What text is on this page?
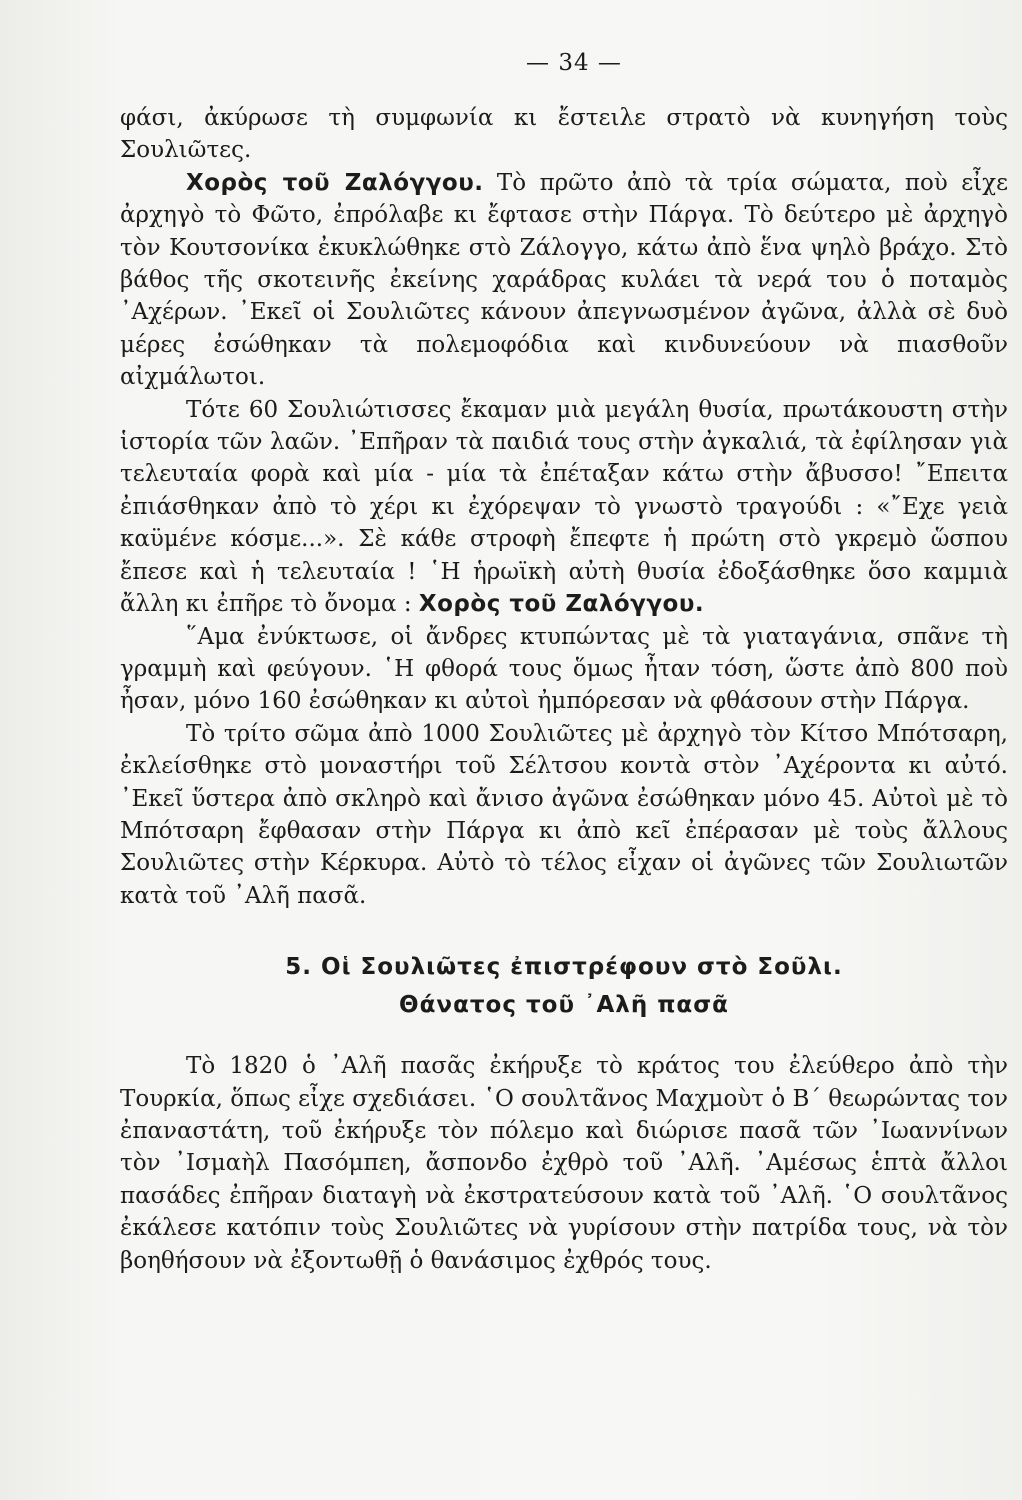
— 34 —

φάσι, ἀκύρωσε τὴ συμφωνία κι ἔστειλε στρατὸ νὰ κυνηγήση τοὺς Σουλιῶτες.

Χορὸς τοῦ Ζαλόγγου. Τὸ πρῶτο ἀπὸ τὰ τρία σώματα, ποὺ εἶχε ἀρχηγὸ τὸ Φῶτο, ἐπρόλαβε κι ἔφτασε στὴν Πάργα. Τὸ δεύτερο μὲ ἀρχηγὸ τὸν Κουτσονίκα ἐκυκλώθηκε στὸ Ζάλογγο, κάτω ἀπὸ ἕνα ψηλὸ βράχο. Στὸ βάθος τῆς σκοτεινῆς ἐκείνης χαράδρας κυλάει τὰ νερά του ὁ ποταμὸς ᾿Αχέρων. ᾿Εκεῖ οἱ Σουλιῶτες κάνουν ἀπεγνωσμένον ἀγῶνα, ἀλλὰ σὲ δυὸ μέρες ἐσώθηκαν τὰ πολεμοφόδια καὶ κινδυνεύουν νὰ πιασθοῦν αἰχμάλωτοι.

Τότε 60 Σουλιώτισσες ἔκαμαν μιὰ μεγάλη θυσία, πρωτάκουστη στὴν ἱστορία τῶν λαῶν. ᾿Επῆραν τὰ παιδιά τους στὴν ἀγκαλιά, τὰ ἐφίλησαν γιὰ τελευταία φορὰ καὶ μία - μία τὰ ἐπέταξαν κάτω στὴν ἄβυσσο! ῎Επειτα ἐπιάσθηκαν ἀπὸ τὸ χέρι κι ἐχόρεψαν τὸ γνωστὸ τραγούδι : «῎Εχε γειὰ καϋμένε κόσμε...». Σὲ κάθε στροφὴ ἔπεφτε ἡ πρώτη στὸ γκρεμὸ ὥσπου ἔπεσε καὶ ἡ τελευταία ! ῾Η ἡρωϊκὴ αὐτὴ θυσία ἐδοξάσθηκε ὅσο καμμιὰ ἄλλη κι ἐπῆρε τὸ ὄνομα : Χορὸς τοῦ Ζαλόγγου.

῞Αμα ἐνύκτωσε, οἱ ἄνδρες κτυπώντας μὲ τὰ γιαταγάνια, σπᾶνε τὴ γραμμὴ καὶ φεύγουν. ῾Η φθορά τους ὅμως ἦταν τόση, ὥστε ἀπὸ 800 ποὺ ἦσαν, μόνο 160 ἐσώθηκαν κι αὐτοὶ ἠμπόρεσαν νὰ φθάσουν στὴν Πάργα.

Τὸ τρίτο σῶμα ἀπὸ 1000 Σουλιῶτες μὲ ἀρχηγὸ τὸν Κίτσο Μπότσαρη, ἐκλείσθηκε στὸ μοναστήρι τοῦ Σέλτσου κοντὰ στὸν ᾿Αχέροντα κι αὐτό. ᾿Εκεῖ ὕστερα ἀπὸ σκληρὸ καὶ ἄνισο ἀγῶνα ἐσώθηκαν μόνο 45. Αὐτοὶ μὲ τὸ Μπότσαρη ἔφθασαν στὴν Πάργα κι ἀπὸ κεῖ ἐπέρασαν μὲ τοὺς ἄλλους Σουλιῶτες στὴν Κέρκυρα. Αὐτὸ τὸ τέλος εἶχαν οἱ ἀγῶνες τῶν Σουλιωτῶν κατὰ τοῦ ᾿Αλῆ πασᾶ.

5. Οἱ Σουλιῶτες ἐπιστρέφουν στὸ Σοῦλι.
Θάνατος τοῦ ᾿Αλῆ πασᾶ

Τὸ 1820 ὁ ᾿Αλῆ πασᾶς ἐκήρυξε τὸ κράτος του ἐλεύθερο ἀπὸ τὴν Τουρκία, ὅπως εἶχε σχεδιάσει. ῾Ο σουλτᾶνος Μαχμοὺτ ὁ Β΄ θεωρώντας τον ἐπαναστάτη, τοῦ ἐκήρυξε τὸν πόλεμο καὶ διώρισε πασᾶ τῶν ᾿Ιωαννίνων τὸν ᾿Ισμαὴλ Πασόμπεη, ἄσπονδο ἐχθρὸ τοῦ ᾿Αλῆ. ᾿Αμέσως ἑπτὰ ἄλλοι πασάδες ἐπῆραν διαταγὴ νὰ ἐκστρατεύσουν κατὰ τοῦ ᾿Αλῆ. ῾Ο σουλτᾶνος ἐκάλεσε κατόπιν τοὺς Σουλιῶτες νὰ γυρίσουν στὴν πατρίδα τους, νὰ τὸν βοηθήσουν νὰ ἐξοντωθῇ ὁ θανάσιμος ἐχθρός τους.
